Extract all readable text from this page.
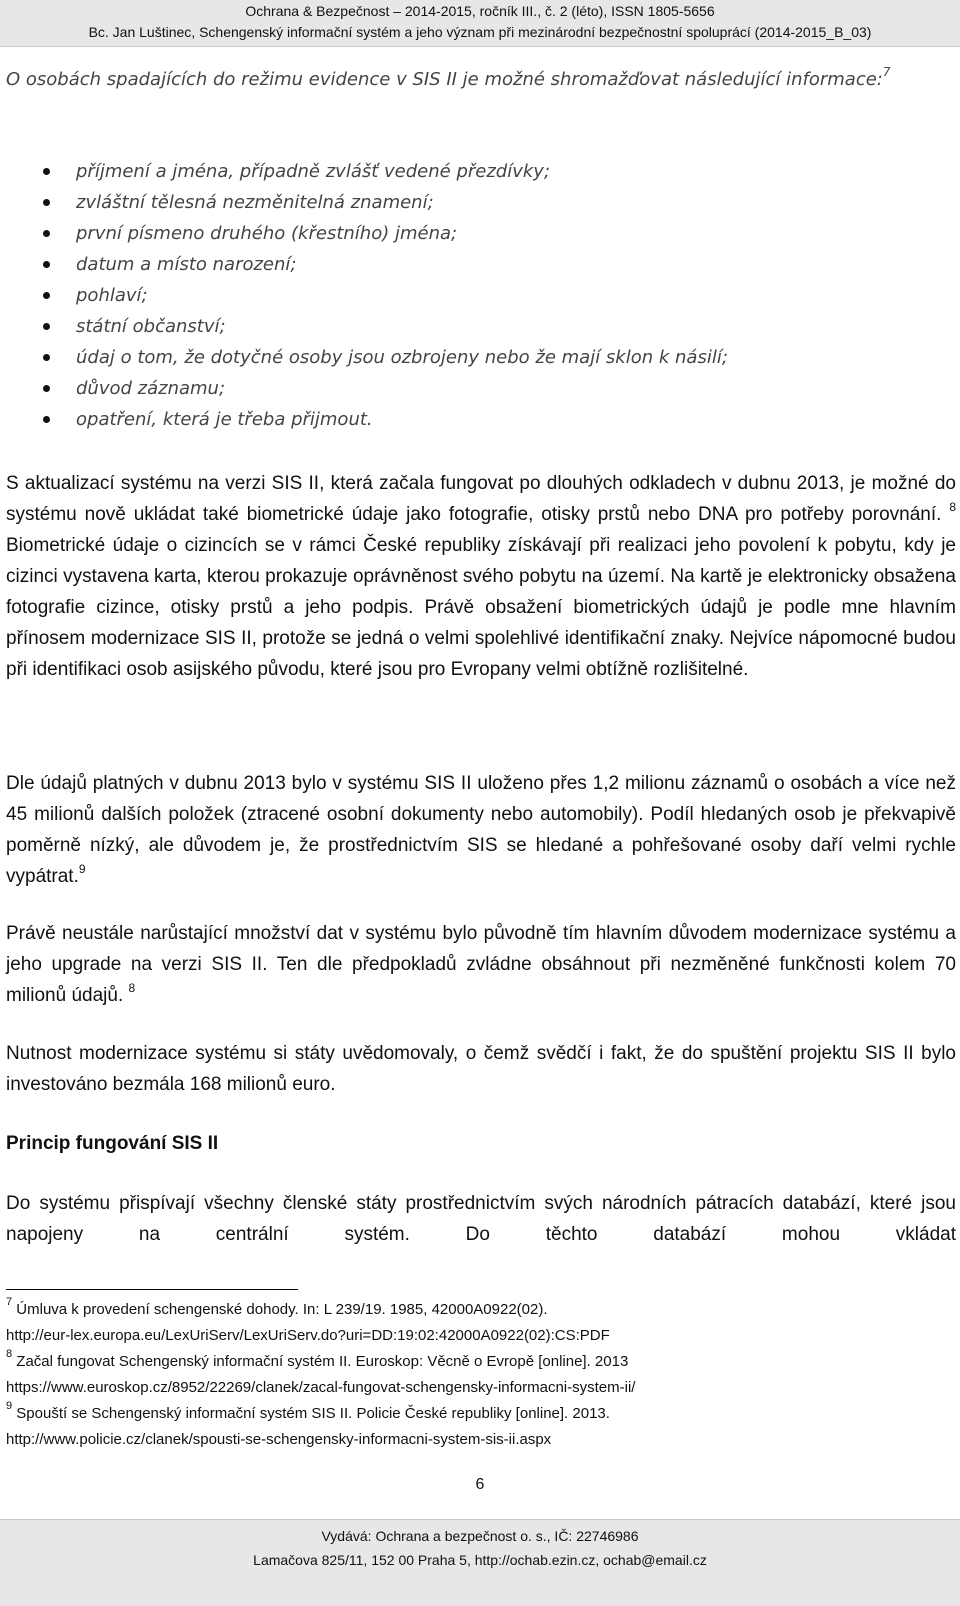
Ochrana & Bezpečnost – 2014-2015, ročník III., č. 2 (léto), ISSN 1805-5656
Bc. Jan Luštinec, Schengenský informační systém a jeho význam při mezinárodní bezpečnostní spoluprácí (2014-2015_B_03)

O osobách spadajících do režimu evidence v SIS II je možné shromažďovat následující informace:$^7$

příjmení a jména, případně zvlášť vedené přezdívky;
zvláštní tělesná nezměnitelná znamení;
první písmeno druhého (křestního) jména;
datum a místo narození;
pohlaví;
státní občanství;
údaj o tom, že dotyčné osoby jsou ozbrojeny nebo že mají sklon k násilí;
důvod záznamu;
opatření, která je třeba přijmout.

S aktualizací systému na verzi SIS II, která začala fungovat po dlouhých odkladech v dubnu 2013, je možné do systému nově ukládat také biometrické údaje jako fotografie, otisky prstů nebo DNA pro potřeby porovnání. $^8$ Biometrické údaje o cizincích se v rámci České republiky získávají při realizaci jeho povolení k pobytu, kdy je cizinci vystavena karta, kterou prokazuje oprávněnost svého pobytu na území. Na kartě je elektronicky obsažena fotografie cizince, otisky prstů a jeho podpis. Právě obsažení biometrických údajů je podle mne hlavním přínosem modernizace SIS II, protože se jedná o velmi spolehlivé identifikační znaky. Nejvíce nápomocné budou při identifikaci osob asijského původu, které jsou pro Evropany velmi obtížně rozlišitelné.

Dle údajů platných v dubnu 2013 bylo v systému SIS II uloženo přes 1,2 milionu záznamů o osobách a více než 45 milionů dalších položek (ztracené osobní dokumenty nebo automobily). Podíl hledaných osob je překvapivě poměrně nízký, ale důvodem je, že prostřednictvím SIS se hledané a pohřešované osoby daří velmi rychle vypátrat.$^9$

Právě neustále narůstající množství dat v systému bylo původně tím hlavním důvodem modernizace systému a jeho upgrade na verzi SIS II. Ten dle předpokladů zvládne obsáhnout při nezměněné funkčnosti kolem 70 milionů údajů. $^8$

Nutnost modernizace systému si státy uvědomovaly, o čemž svědčí i fakt, že do spuštění projektu SIS II bylo investováno bezmála 168 milionů euro.

Princip fungování SIS II

Do systému přispívají všechny členské státy prostřednictvím svých národních pátracích databází, které jsou napojeny na centrální systém. Do těchto databází mohou vkládat

$^7$ Úmluva k provedení schengenské dohody. In: L 239/19. 1985, 42000A0922(02).

http://eur-lex.europa.eu/LexUriServ/LexUriServ.do?uri=DD:19:02:42000A0922(02):CS:PDF

$^8$ Začal fungovat Schengenský informační systém II. Euroskop: Věcně o Evropě [online]. 2013

https://www.euroskop.cz/8952/22269/clanek/zacal-fungovat-schengensky-informacni-system-ii/

$^9$ Spouští se Schengenský informační systém SIS II. Policie České republiky [online]. 2013.

http://www.policie.cz/clanek/spousti-se-schengensky-informacni-system-sis-ii.aspx

6
Vydává: Ochrana a bezpečnost o. s., IČ: 22746986
Lamačova 825/11, 152 00 Praha 5, http://ochab.ezin.cz, ochab@email.cz
